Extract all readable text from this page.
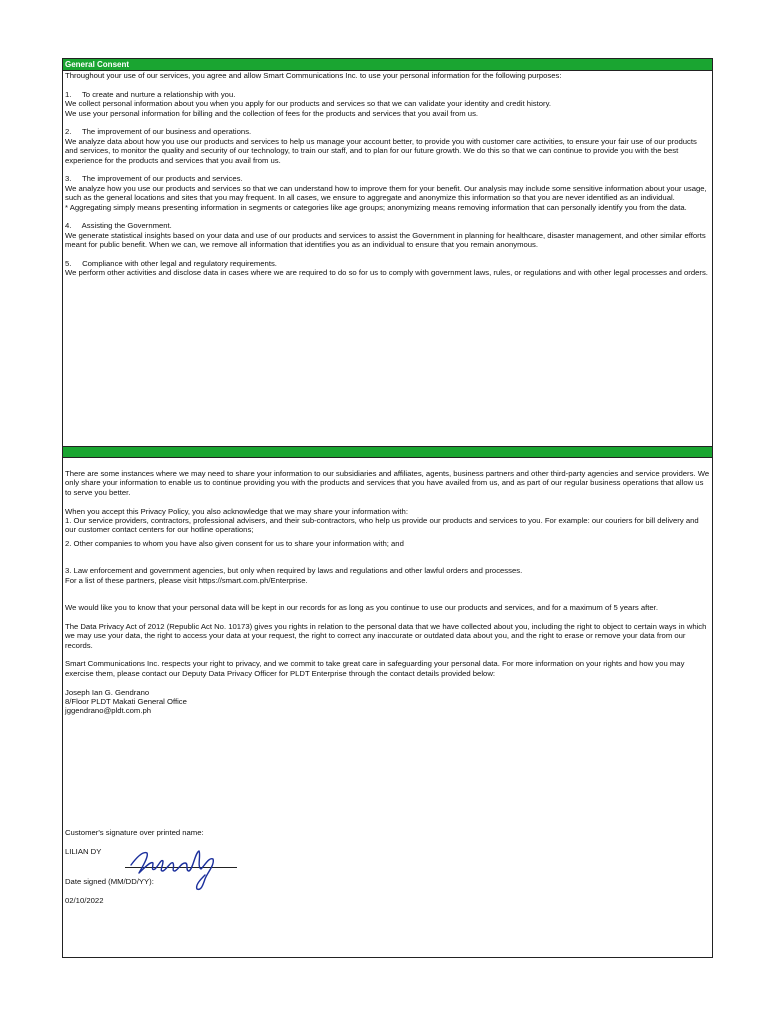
General Consent

Throughout your use of our services, you agree and allow Smart Communications Inc. to use your personal information for the following purposes:

1.     To create and nurture a relationship with you.

We collect personal information about you when you apply for our products and services so that we can validate your identity and credit history.
We use your personal information for billing and the collection of fees for the products and services that you avail from us.

2.     The improvement of our business and operations.

We analyze data about how you use our products and services to help us manage your account better, to provide you with customer care activities, to ensure your fair use of our products and services, to monitor the quality and security of our technology, to train our staff, and to plan for our future growth. We do this so that we can continue to provide you with the best experience for the products and services that you avail from us.

3.     The improvement of our products and services.

We analyze how you use our products and services so that we can understand how to improve them for your benefit. Our analysis may include some sensitive information about your usage, such as the general locations and sites that you may frequent. In all cases, we ensure to aggregate and anonymize this information so that you are never identified as an individual.
* Aggregating simply means presenting information in segments or categories like age groups; anonymizing means removing information that can personally identify you from the data.

4.     Assisting the Government.

We generate statistical insights based on your data and use of our products and services to assist the Government in planning for healthcare, disaster management, and other similar efforts meant for public benefit. When we can, we remove all information that identifies you as an individual to ensure that you remain anonymous.

5.     Compliance with other legal and regulatory requirements.

We perform other activities and disclose data in cases where we are required to do so for us to comply with government laws, rules, or regulations and with other legal processes and orders.

There are some instances where we may need to share your information to our subsidiaries and affiliates, agents, business partners and other third-party agencies and service providers. We only share your information to enable us to continue providing you with the products and services that you have availed from us, and as part of our regular business operations that allow us to serve you better.

When you accept this Privacy Policy, you also acknowledge that we may share your information with:

1. Our service providers, contractors, professional advisers, and their sub-contractors, who help us provide our products and services to you. For example: our couriers for bill delivery and our customer contact centers for our hotline operations;

2. Other companies to whom you have also given consent for us to share your information with; and

3. Law enforcement and government agencies, but only when required by laws and regulations and other lawful orders and processes.

For a list of these partners, please visit https://smart.com.ph/Enterprise.

We would like you to know that your personal data will be kept in our records for as long as you continue to use our products and services, and for a maximum of 5 years after.

The Data Privacy Act of 2012 (Republic Act No. 10173) gives you rights in relation to the personal data that we have collected about you, including the right to object to certain ways in which we may use your data, the right to access your data at your request, the right to correct any inaccurate or outdated data about you, and the right to erase or remove your data from our records.

Smart Communications Inc. respects your right to privacy, and we commit to take great care in safeguarding your personal data. For more information on your rights and how you may exercise them, please contact our Deputy Data Privacy Officer for PLDT Enterprise through the contact details provided below:

Joseph Ian G. Gendrano

8/Floor PLDT Makati General Office

jggendrano@pldt.com.ph

Customer's signature over printed name:
LILIAN DY
Date signed (MM/DD/YY):
02/10/2022
